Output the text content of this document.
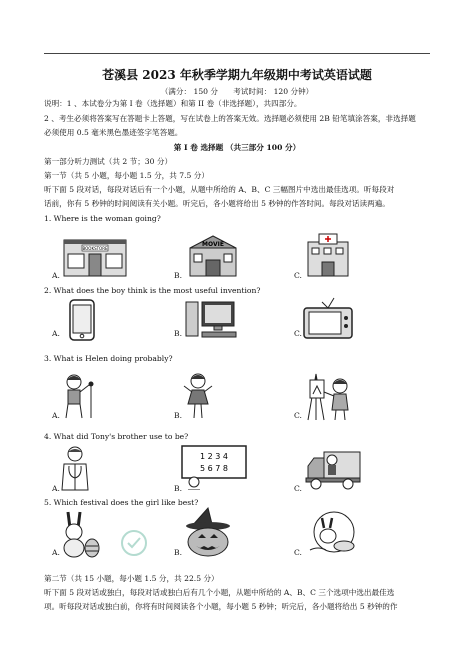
苍溪县 2023 年秋季学期九年级期中考试英语试题
（满分： 150 分　　考试时间： 120 分钟）
说明：1 、本试卷分为第 I 卷（选择题）和第 II 卷（非选择题），共四部分。
2 、考生必须将答案写在答题卡上答题，写在试卷上的答案无效。选择题必须使用 2B 铅笔填涂答案，非选择题
必须使用 0.5 毫米黑色墨迹签字笔答题。
第 I 卷 选择题 （共三部分 100 分）
第一部分听力测试（共 2 节；30 分）
第一节（共 5 小题，每小题 1.5 分，共 7.5 分）
听下面 5 段对话，每段对话后有一个小题，从题中所给的 A、B、C 三幅图片中选出最佳选项。听每段对
话前，你有 5 秒钟的时间阅读有关小题。听完后，各小题将给出 5 秒钟的作答时间。每段对话读两遍。
1. Where is the woman going?
A.	B.	C.
BOOKSTORE
MOVIE
2. What does the boy think is the most useful invention?
A.	B.	C.
3. What is Helen doing probably?
A.	B.	C.
4. What did Tony's brother use to be?
A.	B.	C.
1 2 3 4
5 6 7 8
5. Which festival does the girl like best?
A.	B.	C.
第二节（共 15 小题，每小题 1.5 分，共 22.5 分）
听下面 5 段对话或独白，每段对话或独白后有几个小题，从题中所给的 A、B、C 三个选项中选出最佳选
项。听每段对话或独白前，你将有时间阅读各个小题，每小题 5 秒钟；听完后，各小题将给出 5 秒钟的作
